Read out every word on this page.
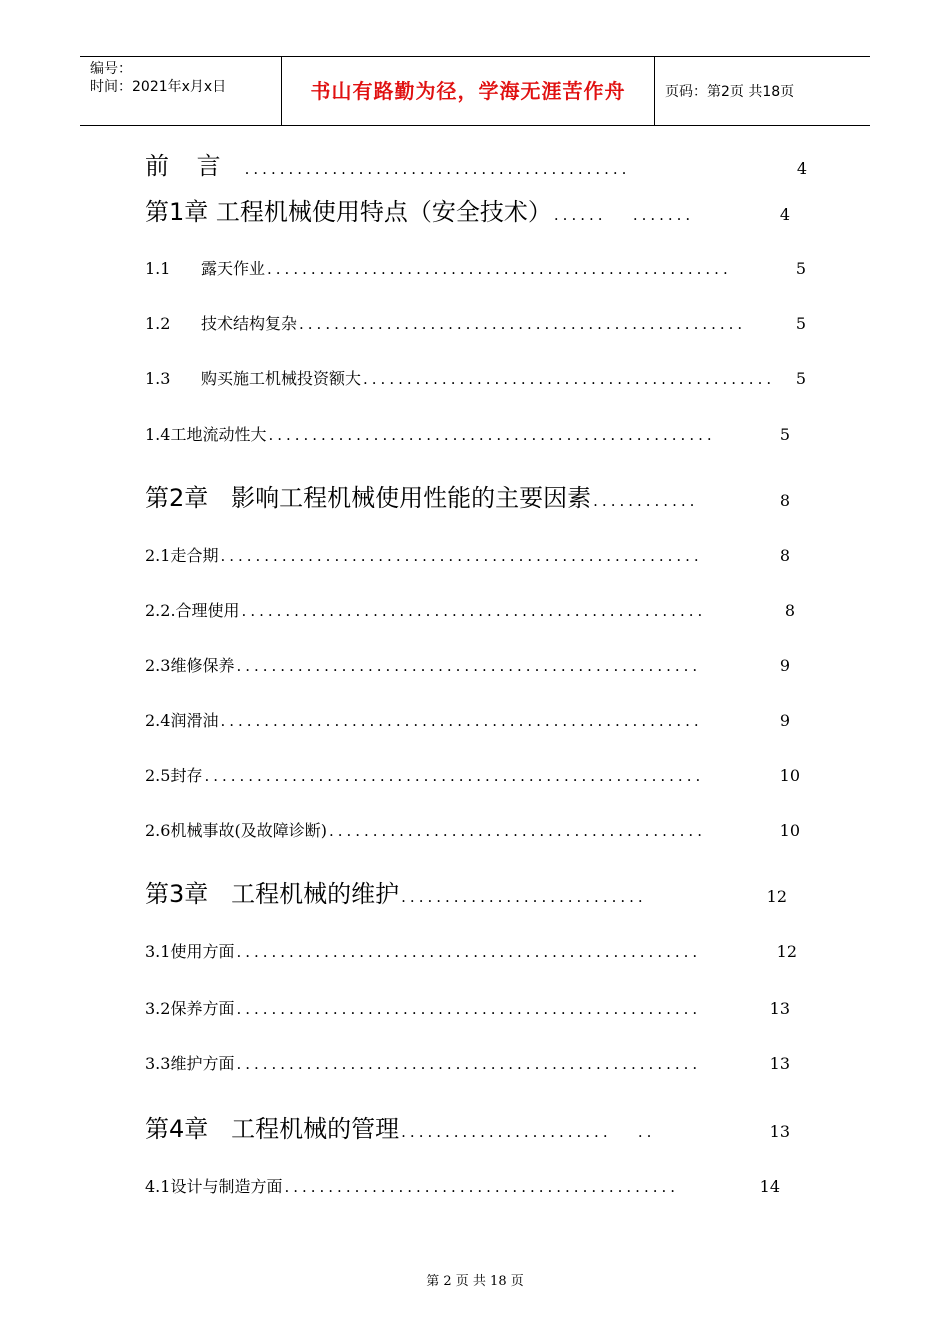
编号：
时间：2021年x月x日	书山有路勤为径，学海无涯苦作舟	页码：第2页 共18页
前 言 ............................................	4
第1章 工程机械使用特点（安全技术） ......   .......	4
1.1	露天作业 .....................................................	5
1.2	技术结构复杂 ...................................................	5
1.3	购买施工机械投资额大 ...............................................	5
1.4工地流动性大 ...................................................	5
第2章   影响工程机械使用性能的主要因素 ............	8
2.1走合期 .......................................................	8
2.2.合理使用 .....................................................	8
2.3维修保养 .....................................................	9
2.4润滑油 .......................................................	9
2.5封存 .........................................................	10
2.6机械事故(及故障诊断) ...........................................	10
第3章   工程机械的维护 ............................	12
3.1使用方面 .....................................................	12
3.2保养方面 .....................................................	13
3.3维护方面 .....................................................	13
第4章   工程机械的管理 ........................   ..	13
4.1设计与制造方面 .............................................	14
第 2 页 共 18 页
